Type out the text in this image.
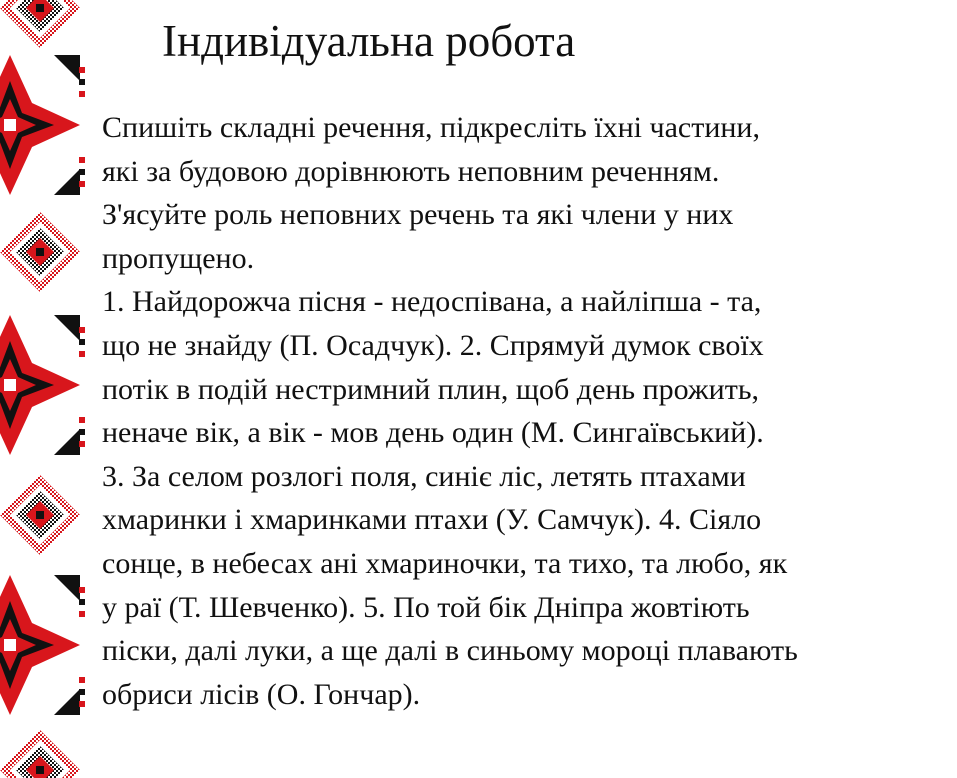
Індивідуальна робота
Спишіть складні речення, підкресліть їхні частини,
які за будовою дорівнюють неповним реченням.
З'ясуйте роль неповних речень та які члени у них
пропущено.
1. Найдорожча пісня - недоспівана, а найліпша - та,
що не знайду (П. Осадчук). 2. Спрямуй думок своїх
потік в подій нестримний плин, щоб день прожить,
неначе вік, а вік - мов день один (М. Сингаївський).
3. За селом розлогі поля, синіє ліс, летять птахами
хмаринки і хмаринками птахи (У. Самчук). 4. Сіяло
сонце, в небесах ані хмариночки, та тихо, та любо, як
у раї (Т. Шевченко). 5. По той бік Дніпра жовтіють
піски, далі луки, а ще далі в синьому мороці плавають
обриси лісів (О. Гончар).
